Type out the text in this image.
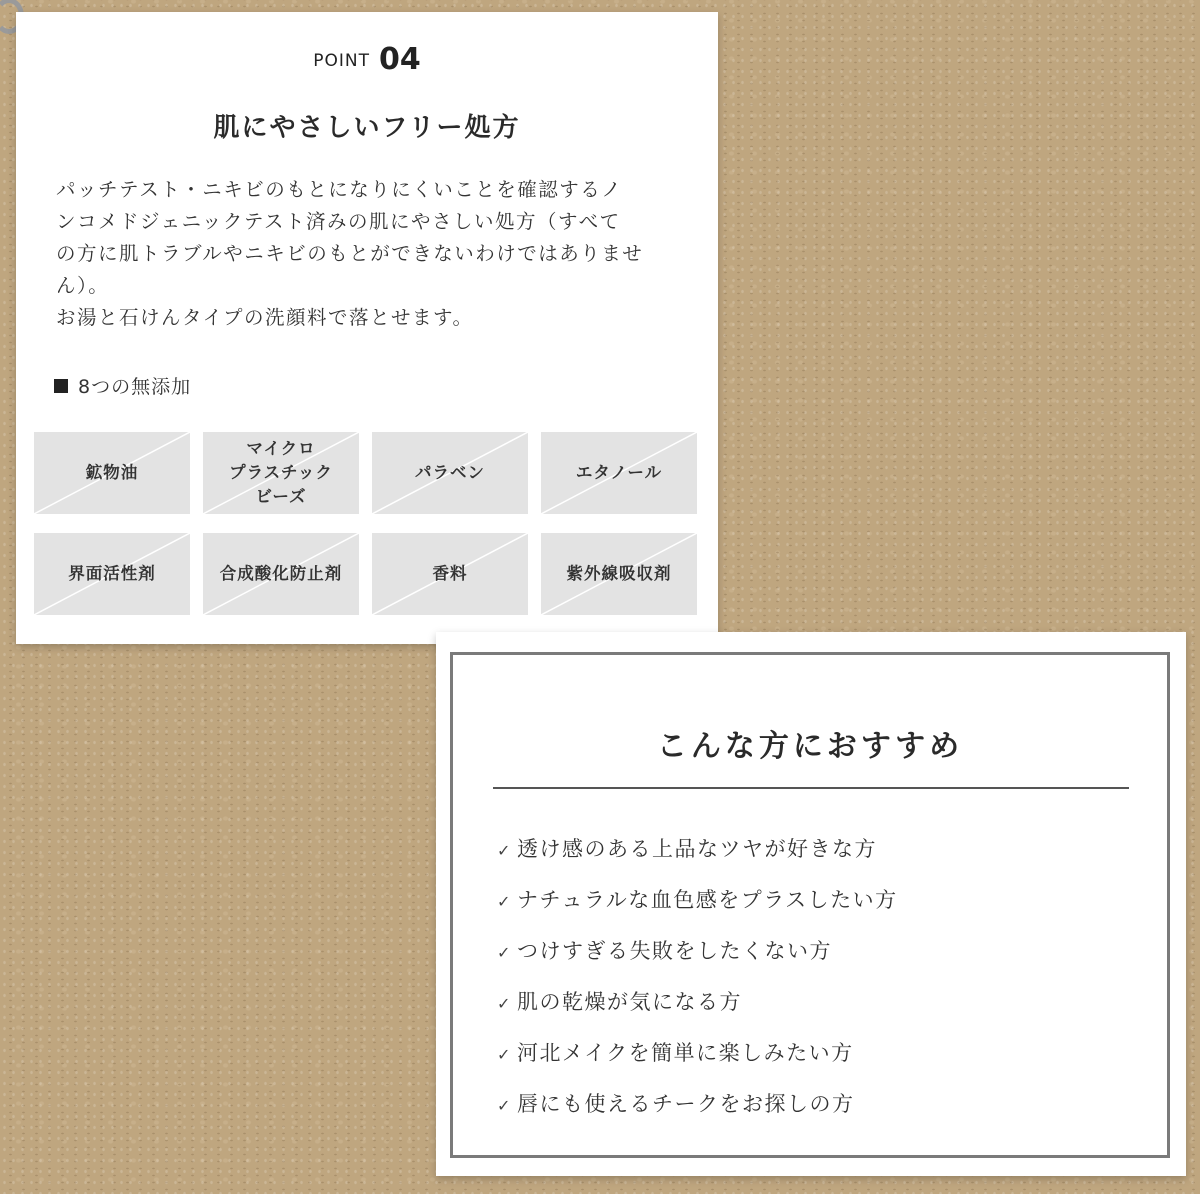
POINT 04
肌にやさしいフリー処方
パッチテスト・ニキビのもとになりにくいことを確認するノ
ンコメドジェニックテスト済みの肌にやさしい処方（すべて
の方に肌トラブルやニキビのもとができないわけではありませ
ん）。
お湯と石けんタイプの洗顔料で落とせます。
8つの無添加
鉱物油
マイクロ
プラスチック
ビーズ
パラベン	エタノール
界面活性剤	合成酸化防止剤	香料	紫外線吸収剤
こんな方におすすめ
✓ 透け感のある上品なツヤが好きな方
✓ ナチュラルな血色感をプラスしたい方
✓ つけすぎる失敗をしたくない方
✓ 肌の乾燥が気になる方
✓ 河北メイクを簡単に楽しみたい方
✓ 唇にも使えるチークをお探しの方
